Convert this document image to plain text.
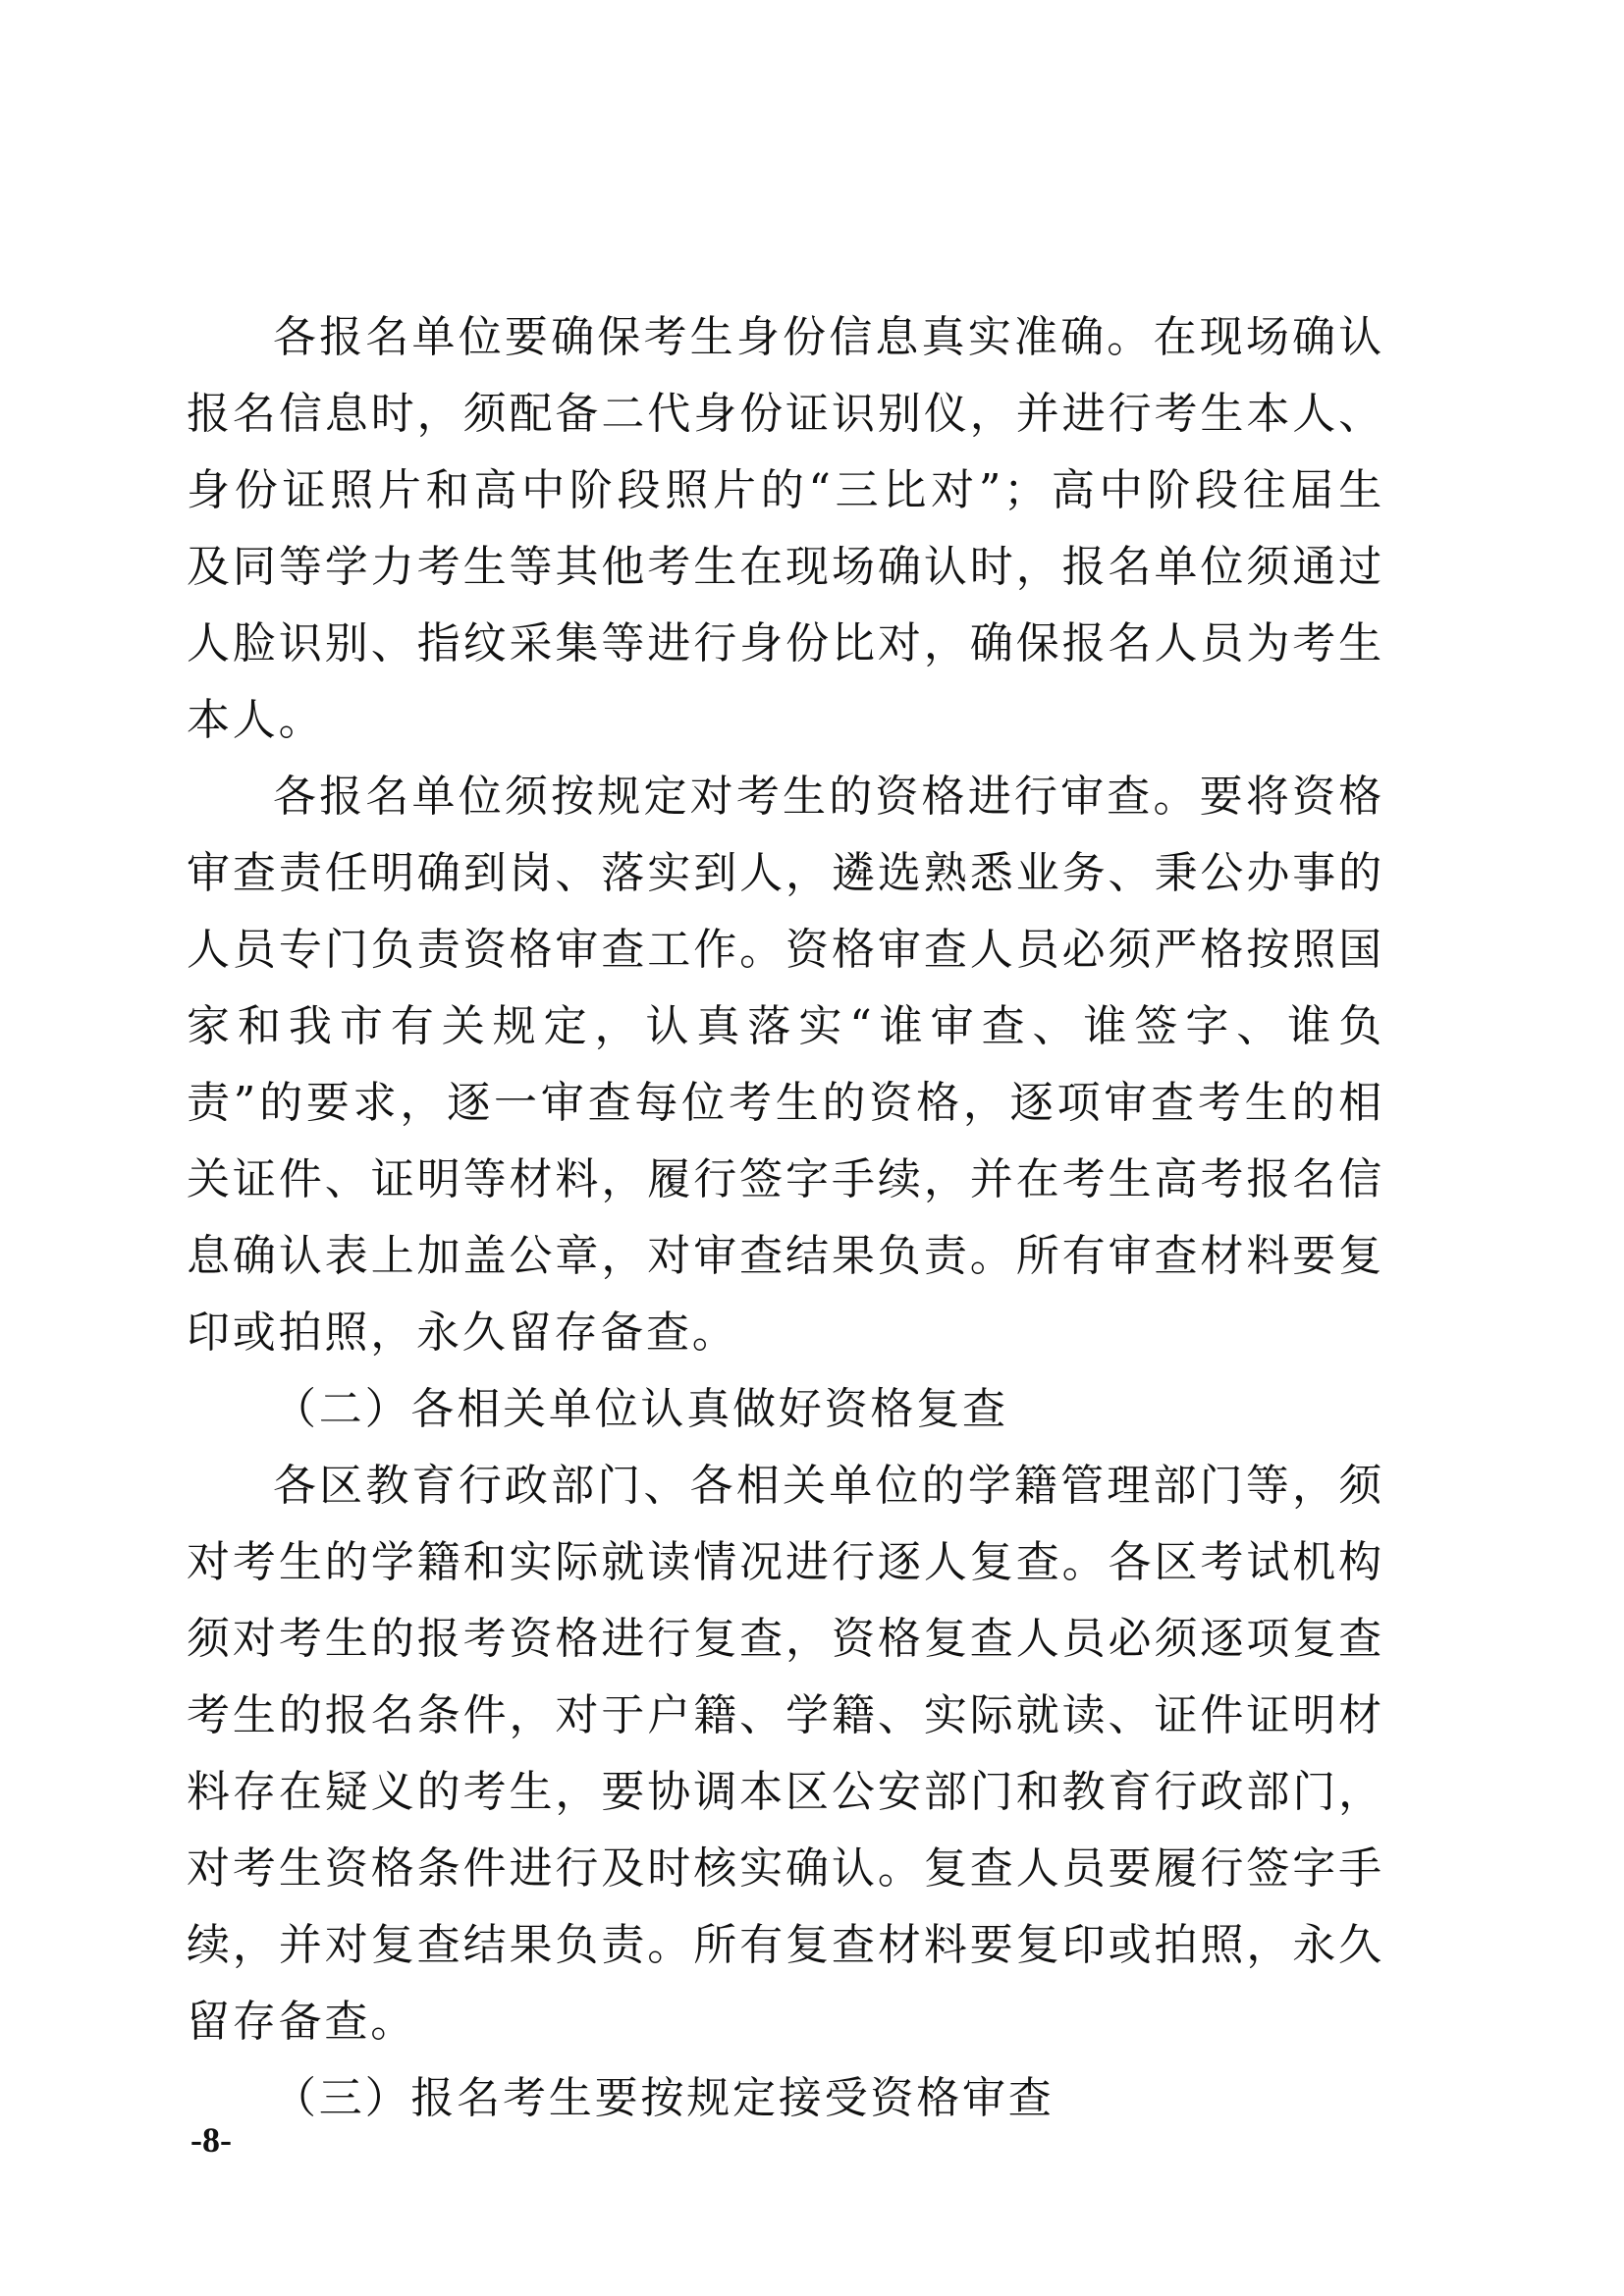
各报名单位要确保考生身份信息真实准确。在现场确认报名信息时，须配备二代身份证识别仪，并进行考生本人、身份证照片和高中阶段照片的“三比对”；高中阶段往届生及同等学力考生等其他考生在现场确认时，报名单位须通过人脸识别、指纹采集等进行身份比对，确保报名人员为考生本人。

各报名单位须按规定对考生的资格进行审查。要将资格审查责任明确到岗、落实到人，遴选熟悉业务、秉公办事的人员专门负责资格审查工作。资格审查人员必须严格按照国家和我市有关规定，认真落实“谁审查、谁签字、谁负责”的要求，逐一审查每位考生的资格，逐项审查考生的相关证件、证明等材料，履行签字手续，并在考生高考报名信息确认表上加盖公章，对审查结果负责。所有审查材料要复印或拍照，永久留存备查。

（二）各相关单位认真做好资格复查

各区教育行政部门、各相关单位的学籍管理部门等，须对考生的学籍和实际就读情况进行逐人复查。各区考试机构须对考生的报考资格进行复查，资格复查人员必须逐项复查考生的报名条件，对于户籍、学籍、实际就读、证件证明材料存在疑义的考生，要协调本区公安部门和教育行政部门，对考生资格条件进行及时核实确认。复查人员要履行签字手续，并对复查结果负责。所有复查材料要复印或拍照，永久留存备查。

（三）报名考生要按规定接受资格审查

-8-
